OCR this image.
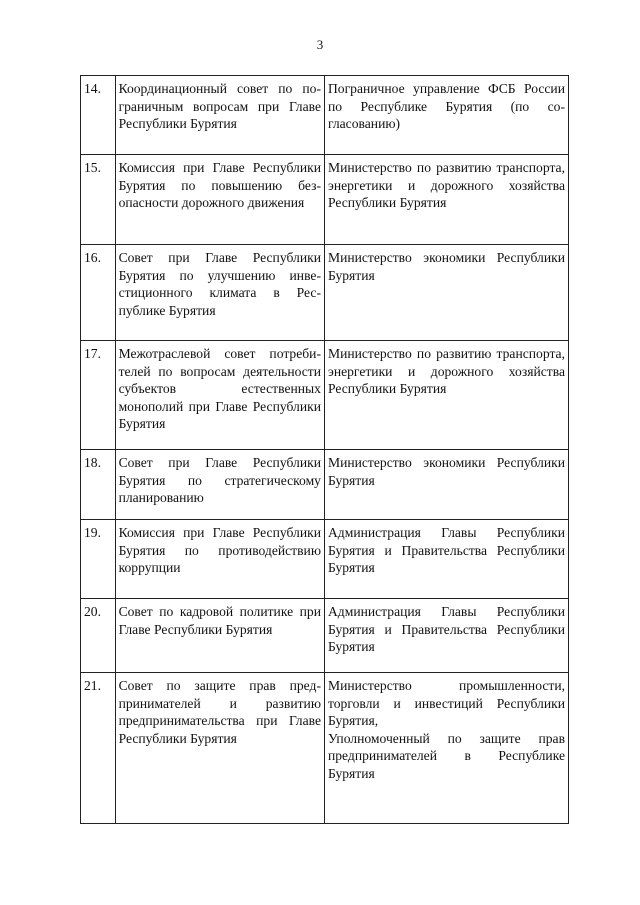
3
14.	Координационный совет по пограничным вопросам при Главе Республики Бурятия	Пограничное управление ФСБ России по Республике Бурятия (по согласованию)

15.	Комиссия при Главе Республики Бурятия по повышению безопасности дорожного движения	Министерство по развитию транспорта, энергетики и дорожного хозяйства Республики Бурятия

16.	Совет при Главе Республики Бурятия по улучшению инвестиционного климата в Республике Бурятия	Министерство экономики Республики Бурятия

17.	Межотраслевой совет потребителей по вопросам деятельности субъектов естественных монополий при Главе Республики Бурятия	Министерство по развитию транспорта, энергетики и дорожного хозяйства Республики Бурятия

18.	Совет при Главе Республики Бурятия по стратегическому планированию	Министерство экономики Республики Бурятия

19.	Комиссия при Главе Республики Бурятия по противодействию коррупции	Администрация Главы Республики Бурятия и Правительства Республики Бурятия

20.	Совет по кадровой политике при Главе Республики Бурятия	Администрация Главы Республики Бурятия и Правительства Республики Бурятия

21.	Совет по защите прав предпринимателей и развитию предпринимательства при Главе Республики Бурятия	Министерство промышленности, торговли и инвестиций Республики Бурятия,
Уполномоченный по защите прав предпринимателей в Республике Бурятия
